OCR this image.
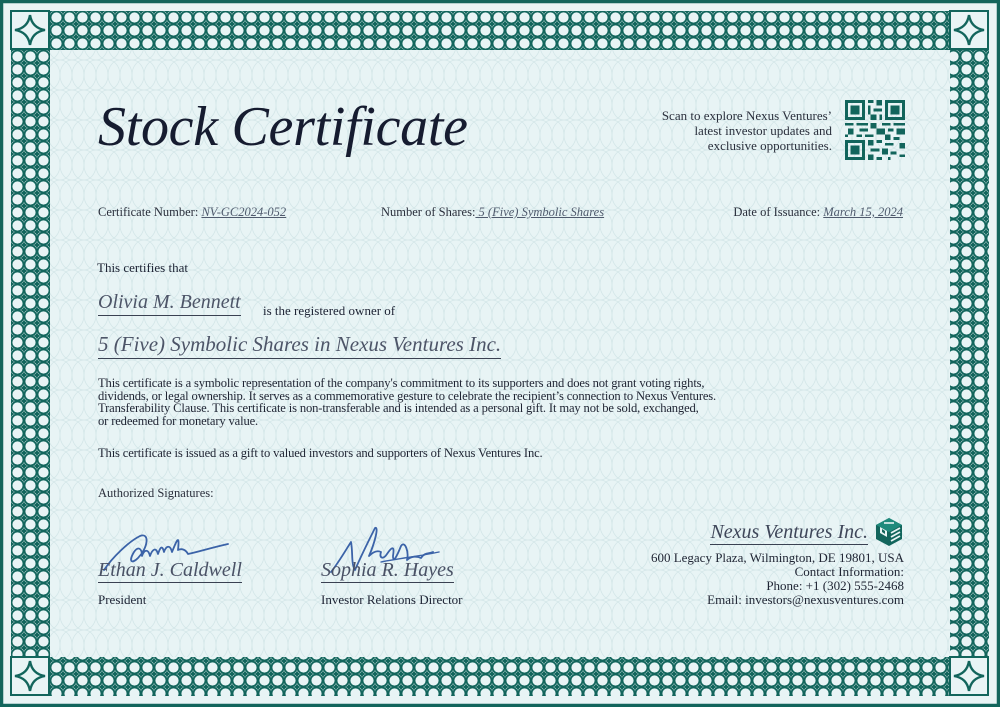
Stock Certificate	Scan to explore Nexus Ventures’
latest investor updates and
exclusive opportunities.
Certificate Number: NV-GC2024-052	Number of Shares: 5 (Five) Symbolic Shares	Date of Issuance: March 15, 2024
This certifies that
Olivia M. Bennett is the registered owner of
5 (Five) Symbolic Shares in Nexus Ventures Inc.
This certificate is a symbolic representation of the company's commitment to its supporters and does not grant voting rights,
dividends, or legal ownership. It serves as a commemorative gesture to celebrate the recipient’s connection to Nexus Ventures.
Transferability Clause. This certificate is non-transferable and is intended as a personal gift. It may not be sold, exchanged,
or redeemed for monetary value.

This certificate is issued as a gift to valued investors and supporters of Nexus Ventures Inc.

Authorized Signatures:
Ethan J. Caldwell
President
Sophia R. Hayes
Investor Relations Director
Nexus Ventures Inc.
600 Legacy Plaza, Wilmington, DE 19801, USA
Contact Information:
Phone: +1 (302) 555-2468
Email: investors@nexusventures.com
